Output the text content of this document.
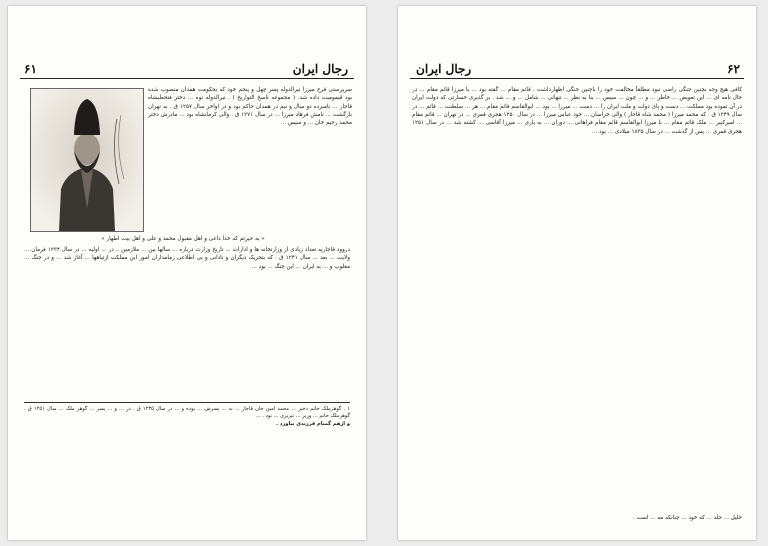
رجال ایران
۶۱

سرپرستی فرج میرزا نیرالدوله پسر چهل و پنجم خود که بحکومت همدان منصوب شده بود قیمومیت داده شد. ( مجموعه ناسخ التواریخ ) . نیرالدوله نوه ... دختر فتحعلیشاه قاجار ... نامبرده دو سال و نیم در همدان حاکم بود و در اواخر سال ۱۲۵۷ ق . به تهران بازگشت ... نامش فرهاد میرزا ... در سال ۱۲۷۱ ق . والی کرمانشاه بود ... مادرش دختر محمد رحیم خان ... و سپس ...

« به حیرتم که خدا داعی و اهل مقبول محمد و علی و اهل بیت اطهار »

دروود قاجاریه تعداد زیادی از وزارتخانه ها و ادارات ... تاریخ وزارت درباره ... سالها بین ... ملازمین .. در ... اولیه ... در سال ۱۲۳۴ فرمان ... ولایت ... بعد ... سال ۱۲۴۱ ق . که بتحریک دیگران و نادانی و بی اطلاعی زمامداران امور این مملکت ازتیاهها ... آغاز شد ... و در جنگ ... مغلوب و ... به ایران ... این جنگ ... بود ...

۱ . گوهرملک خانم دختر ... محمد امین خان قاجار ... به ... پسرش ... بوده و ... در سال ۱۲۳۵ ق . در ... و ... پسر ... گوهر ملک ... سال ۱۲۵۱ ق . گوهرملک خانم ... وزیر ... تبریزی ... بود . ...

و ازهم گمنام فرزندی نیاورد .

رجال ایران	۶۲

کافی هیچ وجه بچنین جنگی راضی نبود مطلقاً مخالفت خود را باچنین جنگی اظهارداشت . قائم مقام ... گفته بود ... با میرزا قائم مقام ... در حال نامه ای ... این تعویض ... خاطر ... و ... چون ... سپس ... بنا به نظر ... تنهائی ... شامل ... و ... شد . بر گذیری خسارتی که دولت ایران در آن نموده بود مملکت ... دست و پای دولت و ملت ایران را ... دست ... میرزا ... بود ... ابوالقاسم قائم مقام ... هر ... سلطنت ... قائم ... در سال ۱۲۴۹ ق . که محمد میرزا ( محمد شاه قاجار ) والی خراسان ... خود عباس میرزا ... در سال ۱۲۵۰ هجری قمری ... در تهران ... قائم مقام ... امیرکبیر ... ملک قائم مقام ... با میرزا ابوالقاسم قائم مقام فراهانی ... دوران ... به یاری ... میرزا آقاسی ... کشته شد ... در سال ۱۲۵۱ هجری قمری ... پس از گذشت ... در سال ۱۸۳۵ میلادی ... بود ...

خلیل ... جلد ... که خود ... چنانکه مه ... است .
